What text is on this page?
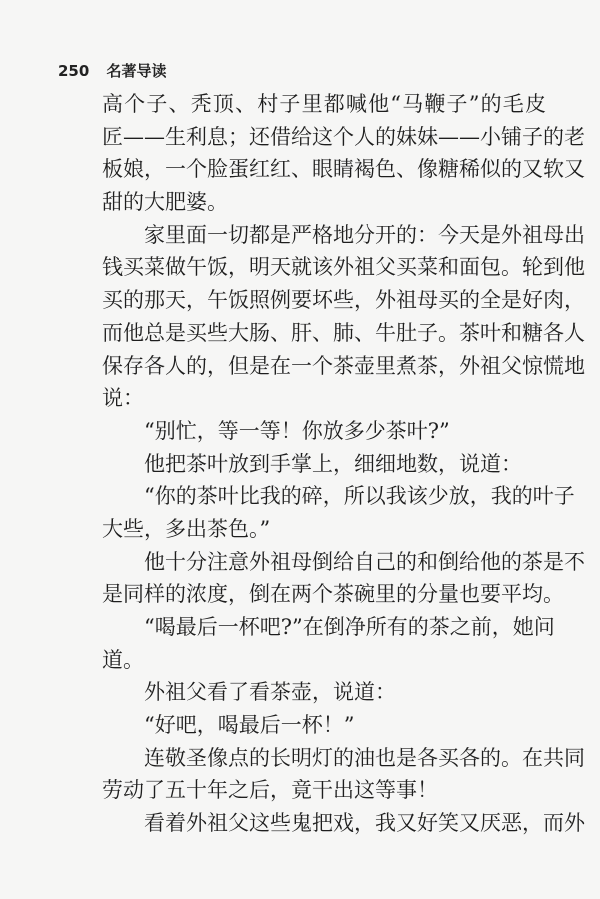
250 名著导读
高个子、秃顶、村子里都喊他“马鞭子”的毛皮
匠——生利息；还借给这个人的妹妹——小铺子的老
板娘，一个脸蛋红红、眼睛褐色、像糖稀似的又软又
甜的大肥婆。
家里面一切都是严格地分开的：今天是外祖母出
钱买菜做午饭，明天就该外祖父买菜和面包。轮到他
买的那天，午饭照例要坏些，外祖母买的全是好肉，
而他总是买些大肠、肝、肺、牛肚子。茶叶和糖各人
保存各人的，但是在一个茶壶里煮茶，外祖父惊慌地
说：
“别忙，等一等！你放多少茶叶?”
他把茶叶放到手掌上，细细地数，说道：
“你的茶叶比我的碎，所以我该少放，我的叶子
大些，多出茶色。”
他十分注意外祖母倒给自己的和倒给他的茶是不
是同样的浓度，倒在两个茶碗里的分量也要平均。
“喝最后一杯吧?”在倒净所有的茶之前，她问
道。
外祖父看了看茶壶，说道：
“好吧，喝最后一杯！”
连敬圣像点的长明灯的油也是各买各的。在共同
劳动了五十年之后，竟干出这等事！
看着外祖父这些鬼把戏，我又好笑又厌恶，而外
